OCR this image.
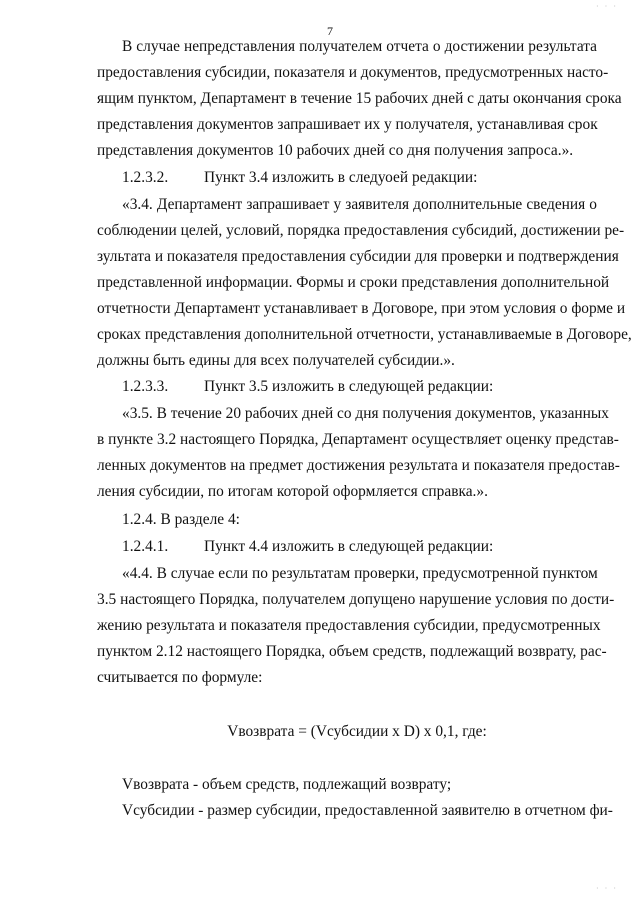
7
В случае непредставления получателем отчета о достижении результата
предоставления субсидии, показателя и документов, предусмотренных насто-
ящим пунктом, Департамент в течение 15 рабочих дней с даты окончания срока
представления документов запрашивает их у получателя, устанавливая срок
представления документов 10 рабочих дней со дня получения запроса.».
1.2.3.2. Пункт 3.4 изложить в следуоей редакции:
«3.4. Департамент запрашивает у заявителя дополнительные сведения о
соблюдении целей, условий, порядка предоставления субсидий, достижении ре-
зультата и показателя предоставления субсидии для проверки и подтверждения
представленной информации. Формы и сроки представления дополнительной
отчетности Департамент устанавливает в Договоре, при этом условия о форме и
сроках представления дополнительной отчетности, устанавливаемые в Договоре,
должны быть едины для всех получателей субсидии.».
1.2.3.3. Пункт 3.5 изложить в следующей редакции:
«3.5. В течение 20 рабочих дней со дня получения документов, указанных
в пункте 3.2 настоящего Порядка, Департамент осуществляет оценку представ-
ленных документов на предмет достижения результата и показателя предостав-
ления субсидии, по итогам которой оформляется справка.».
1.2.4. В разделе 4:
1.2.4.1. Пункт 4.4 изложить в следующей редакции:
«4.4. В случае если по результатам проверки, предусмотренной пунктом
3.5 настоящего Порядка, получателем допущено нарушение условия по дости-
жению результата и показателя предоставления субсидии, предусмотренных
пунктом 2.12 настоящего Порядка, объем средств, подлежащий возврату, рас-
считывается по формуле:
Vвозврата = (Vсубсидии x D) x 0,1, где:
Vвозврата - объем средств, подлежащий возврату;
Vсубсидии - размер субсидии, предоставленной заявителю в отчетном фи-
· · ·
· · ·
